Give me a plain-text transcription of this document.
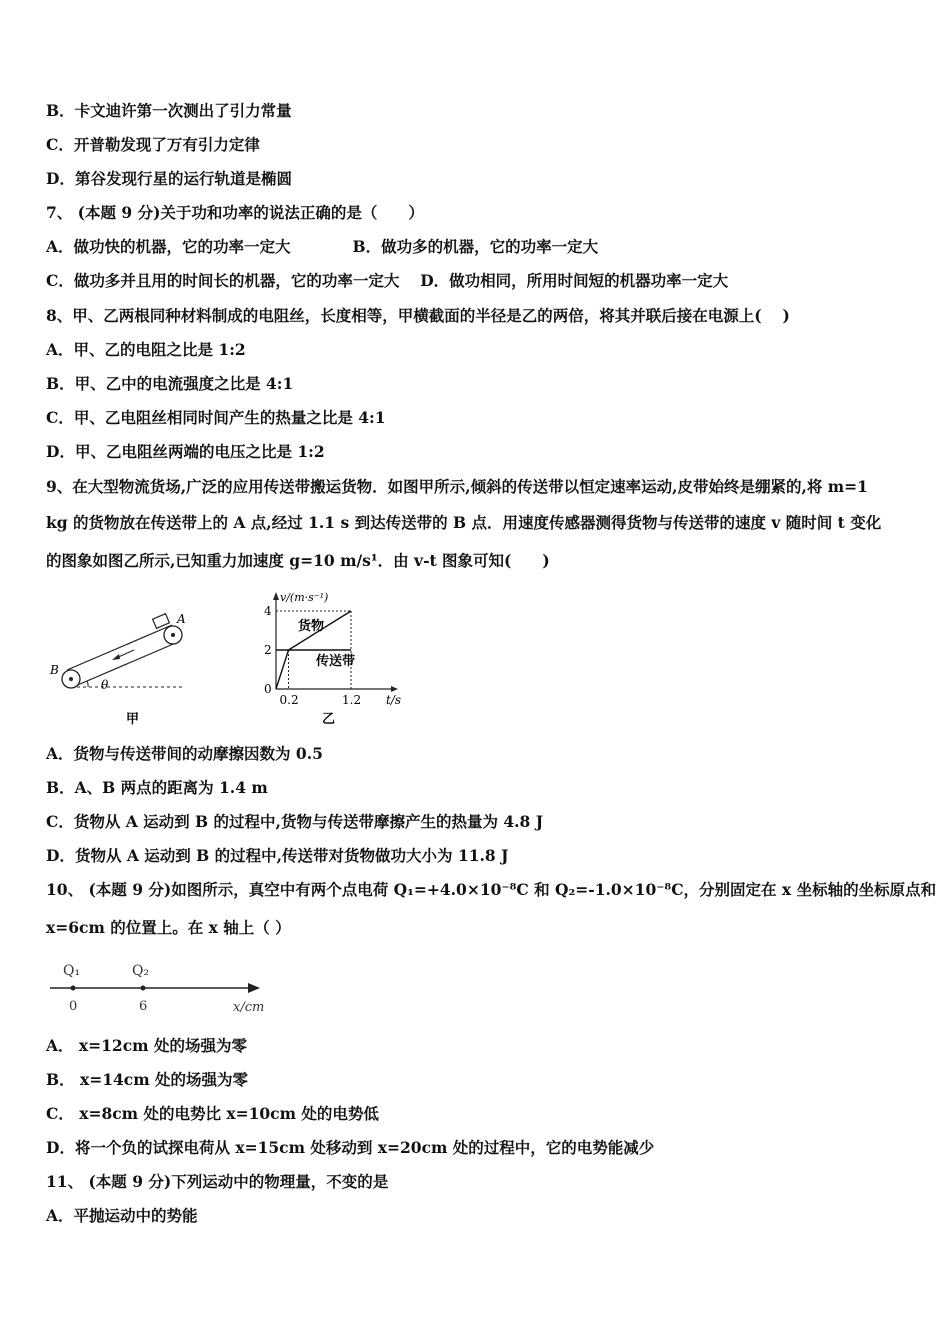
B．卡文迪许第一次测出了引力常量
C．开普勒发现了万有引力定律
D．第谷发现行星的运行轨道是椭圆
7、 (本题 9 分)关于功和功率的说法正确的是（　　）
A．做功快的机器，它的功率一定大　　　　B．做功多的机器，它的功率一定大
C．做功多并且用的时间长的机器，它的功率一定大　 D．做功相同，所用时间短的机器功率一定大
8、甲、乙两根同种材料制成的电阻丝，长度相等，甲横截面的半径是乙的两倍，将其并联后接在电源上(　 )
A．甲、乙的电阻之比是 1:2
B．甲、乙中的电流强度之比是 4:1
C．甲、乙电阻丝相同时间产生的热量之比是 4:1
D．甲、乙电阻丝两端的电压之比是 1:2
9、在大型物流货场,广泛的应用传送带搬运货物．如图甲所示,倾斜的传送带以恒定速率运动,皮带始终是绷紧的,将 m=1
kg 的货物放在传送带上的 A 点,经过 1.1 s 到达传送带的 B 点．用速度传感器测得货物与传送带的速度 v 随时间 t 变化
的图象如图乙所示,已知重力加速度 g=10 m/s¹．由 v-t 图象可知(　　)
A．货物与传送带间的动摩擦因数为 0.5
B．A、B 两点的距离为 1.4 m
C．货物从 A 运动到 B 的过程中,货物与传送带摩擦产生的热量为 4.8 J
D．货物从 A 运动到 B 的过程中,传送带对货物做功大小为 11.8 J
10、 (本题 9 分)如图所示，真空中有两个点电荷 Q₁=+4.0×10⁻⁸C 和 Q₂=-1.0×10⁻⁸C，分别固定在 x 坐标轴的坐标原点和
x=6cm 的位置上。在 x 轴上（ ）
A． x=12cm 处的场强为零
B． x=14cm 处的场强为零
C． x=8cm 处的电势比 x=10cm 处的电势低
D．将一个负的试探电荷从 x=15cm 处移动到 x=20cm 处的过程中，它的电势能减少
11、 (本题 9 分)下列运动中的物理量，不变的是
A．平抛运动中的势能
A
B
θ
甲
4
2
0
0.2	1.2
v/(m·s⁻¹)
t/s
货物
传送带
乙
Q₁	Q₂
0	6	x/cm
